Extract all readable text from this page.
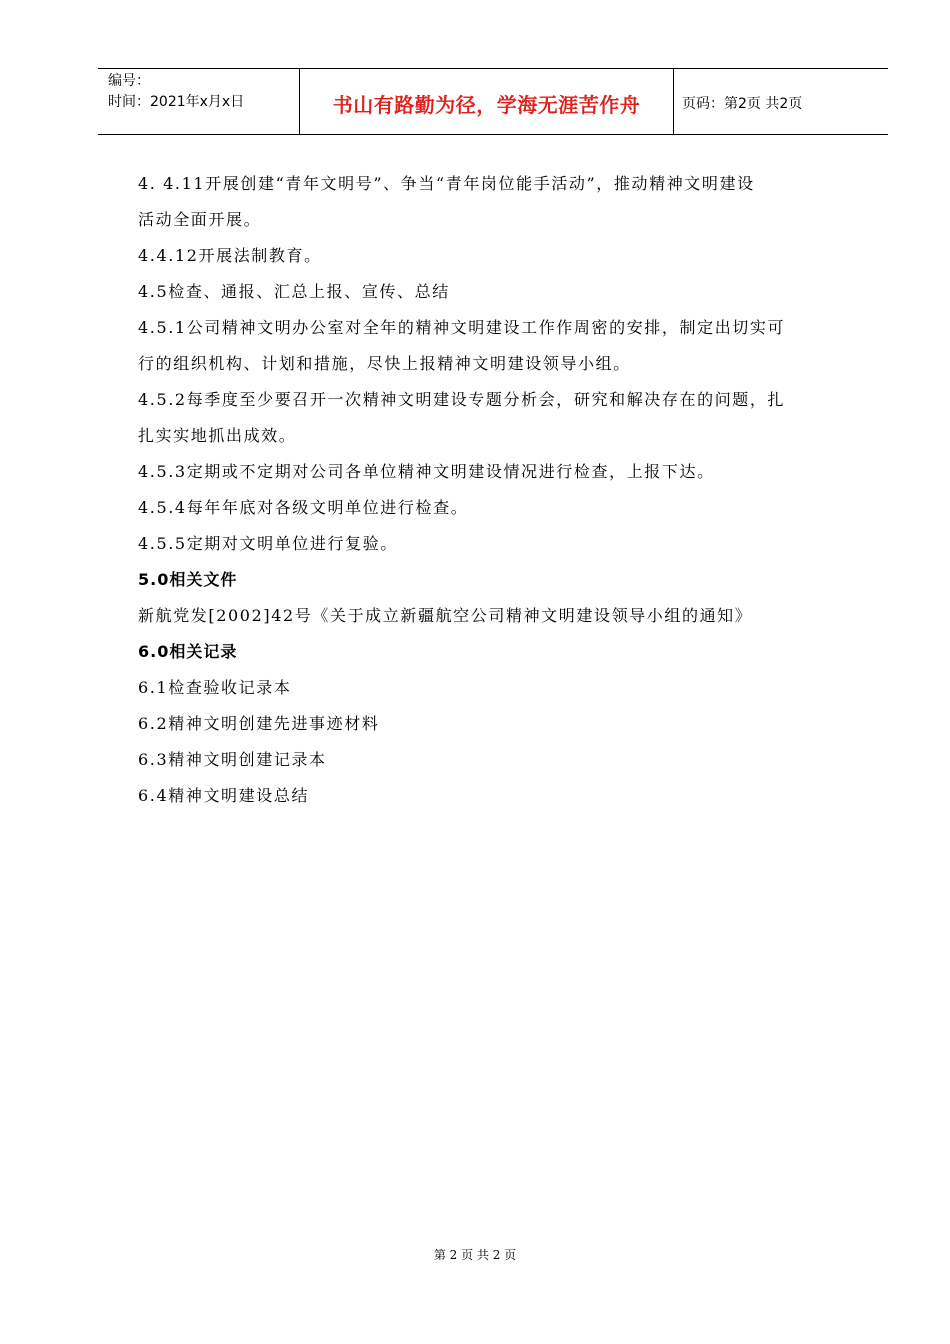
编号：
时间：2021年x月x日	书山有路勤为径，学海无涯苦作舟	页码：第2页 共2页

4. 4.11开展创建“青年文明号”、争当“青年岗位能手活动”，推动精神文明建设

活动全面开展。

4.4.12开展法制教育。

4.5检查、通报、汇总上报、宣传、总结

4.5.1公司精神文明办公室对全年的精神文明建设工作作周密的安排，制定出切实可

行的组织机构、计划和措施，尽快上报精神文明建设领导小组。

4.5.2每季度至少要召开一次精神文明建设专题分析会，研究和解决存在的问题，扎

扎实实地抓出成效。

4.5.3定期或不定期对公司各单位精神文明建设情况进行检查，上报下达。

4.5.4每年年底对各级文明单位进行检查。

4.5.5定期对文明单位进行复验。

5.0相关文件

新航党发[2002]42号《关于成立新疆航空公司精神文明建设领导小组的通知》

6.0相关记录

6.1检查验收记录本

6.2精神文明创建先进事迹材料

6.3精神文明创建记录本

6.4精神文明建设总结

第 2 页 共 2 页
